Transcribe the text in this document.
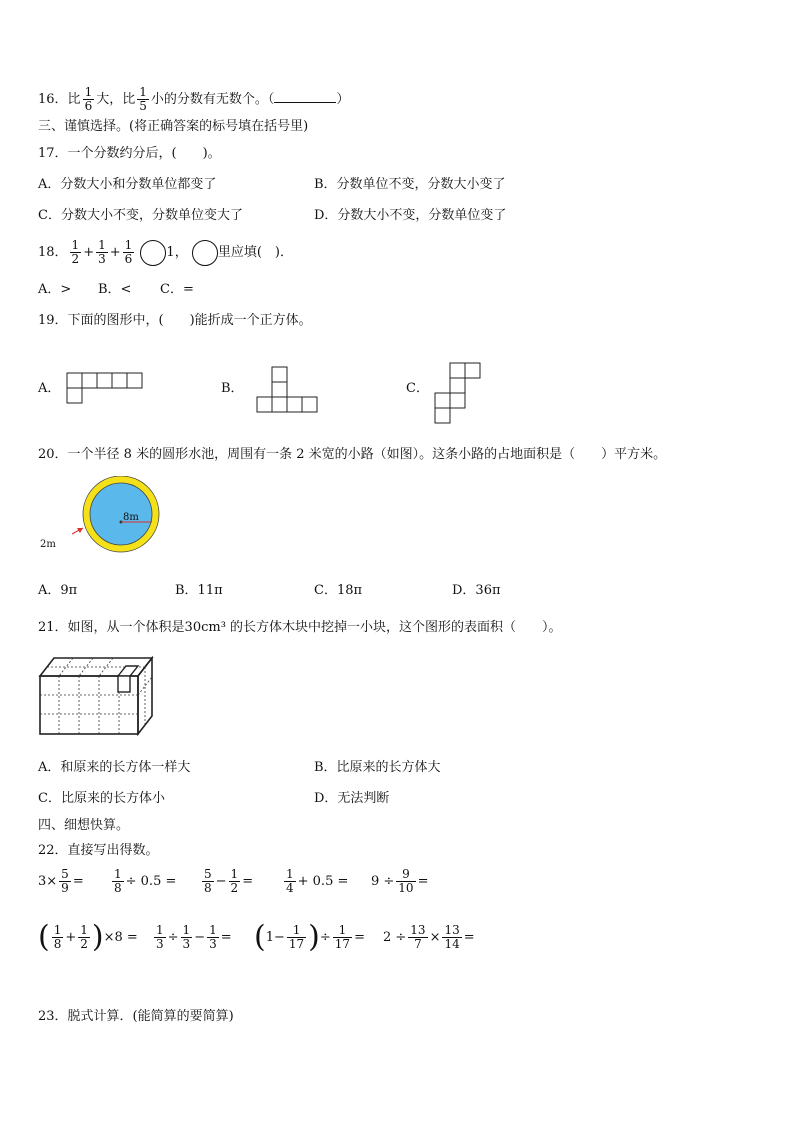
16．比 $\frac{1}{6}$ 大，比 $\frac{1}{5}$ 小的分数有无数个。（	）
三、谨慎选择。(将正确答案的标号填在括号里)
17．一个分数约分后，(　　)。
A．分数大小和分数单位都变了	B．分数单位不变，分数大小变了
C．分数大小不变，分数单位变大了	D．分数大小不变，分数单位变了
18． $\frac{1}{2} + \frac{1}{3} + \frac{1}{6} 1$， 里应填(　)．
A．> B．< C．=
19．下面的图形中，(　　)能折成一个正方体。
A．	B．	C．
20．一个半径 8 米的圆形水池，周围有一条 2 米宽的小路（如图）。这条小路的占地面积是（　　）平方米。
8m
2m
A．9π	B．11π	C．18π	D．36π
21．如图，从一个体积是30cm³ 的长方体木块中挖掉一小块，这个图形的表面积（　　）。
A．和原来的长方体一样大	B．比原来的长方体大
C．比原来的长方体小	D．无法判断
四、细想快算。
22．直接写出得数。
$3\times \frac{5}{9} = \frac{1}{8} \div 0.5 = \frac{5}{8} - \frac{1}{2}$ =	$\frac{1}{4} + 0.5 = 9 \div \frac{9}{10}$ =
( $\frac{1}{8} + \frac{1}{2} )\times 8 = \frac{1}{3} \div \frac{1}{3} - \frac{1}{3} = (1- \frac{1}{17}$ )÷ $\frac{1}{17} = 2 \div \frac{13}{7} \times \frac{13}{14}$ =
23．脱式计算．(能简算的要简算)
